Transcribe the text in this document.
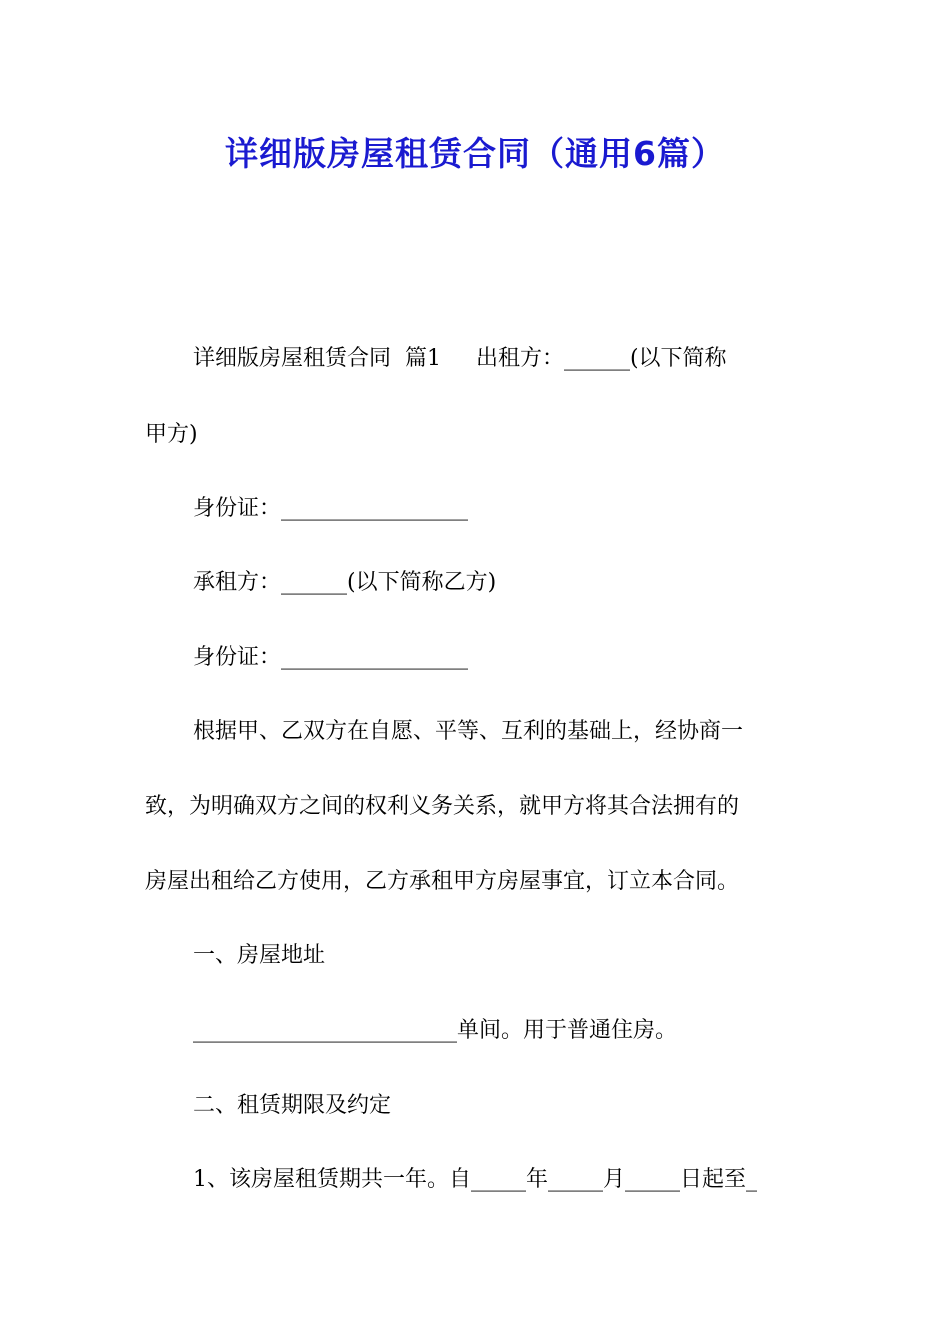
详细版房屋租赁合同（通用6篇）

详细版房屋租赁合同  篇1     出租方：______(以下简称

甲方)

身份证：_________________

承租方：______(以下简称乙方)

身份证：_________________

根据甲、乙双方在自愿、平等、互利的基础上，经协商一

致，为明确双方之间的权利义务关系，就甲方将其合法拥有的

房屋出租给乙方使用，乙方承租甲方房屋事宜，订立本合同。

一、房屋地址

________________________单间。用于普通住房。

二、租赁期限及约定

1、该房屋租赁期共一年。自_____年_____月_____日起至_
